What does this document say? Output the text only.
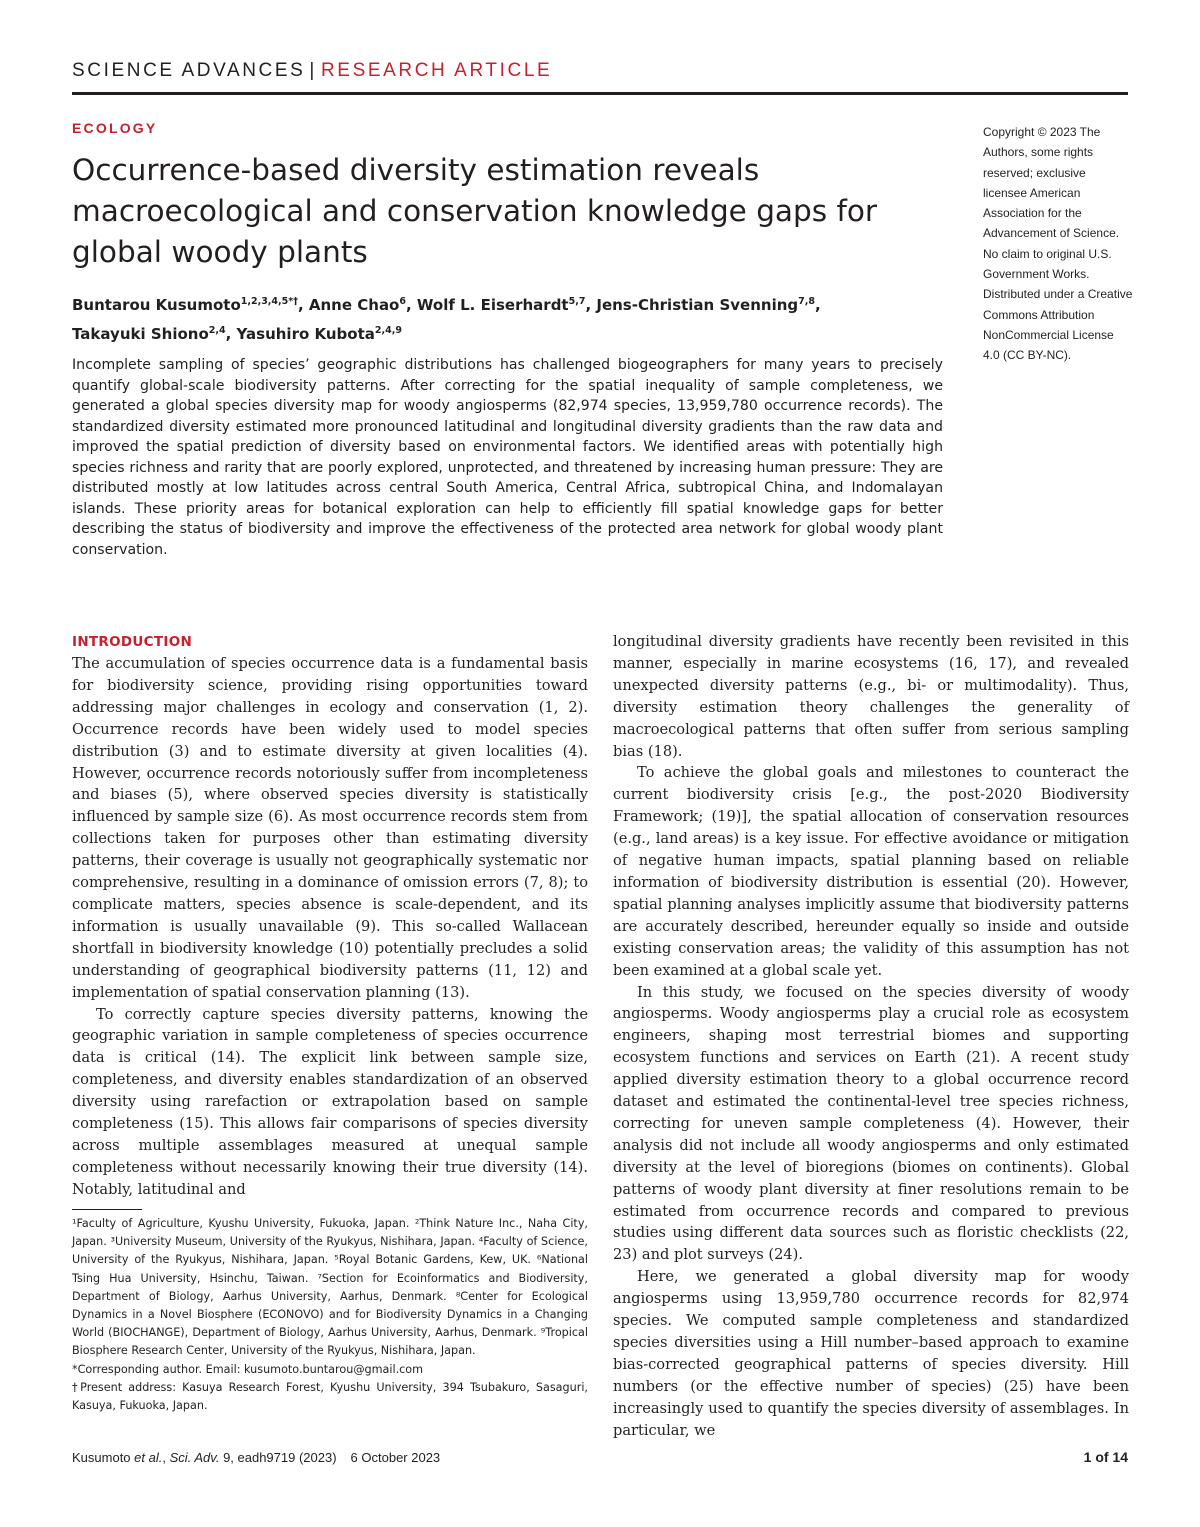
SCIENCE ADVANCES | RESEARCH ARTICLE
ECOLOGY
Occurrence-based diversity estimation reveals macroecological and conservation knowledge gaps for global woody plants
Buntarou Kusumoto$^{1,2,3,4,5*\dagger}$, Anne Chao$^6$, Wolf L. Eiserhardt$^{5,7}$, Jens-Christian Svenning$^{7,8}$,
Takayuki Shiono$^{2,4}$, Yasuhiro Kubota$^{2,4,9}$
Copyright © 2023 The Authors, some rights reserved; exclusive licensee American Association for the Advancement of Science. No claim to original U.S. Government Works. Distributed under a Creative Commons Attribution NonCommercial License 4.0 (CC BY-NC).
Incomplete sampling of species’ geographic distributions has challenged biogeographers for many years to precisely quantify global-scale biodiversity patterns. After correcting for the spatial inequality of sample completeness, we generated a global species diversity map for woody angiosperms (82,974 species, 13,959,780 occurrence records). The standardized diversity estimated more pronounced latitudinal and longitudinal diversity gradients than the raw data and improved the spatial prediction of diversity based on environmental factors. We identified areas with potentially high species richness and rarity that are poorly explored, unprotected, and threatened by increasing human pressure: They are distributed mostly at low latitudes across central South America, Central Africa, subtropical China, and Indomalayan islands. These priority areas for botanical exploration can help to efficiently fill spatial knowledge gaps for better describing the status of biodiversity and improve the effectiveness of the protected area network for global woody plant conservation.
INTRODUCTION

The accumulation of species occurrence data is a fundamental basis for biodiversity science, providing rising opportunities toward addressing major challenges in ecology and conservation (1, 2). Occurrence records have been widely used to model species distribution (3) and to estimate diversity at given localities (4). However, occurrence records notoriously suffer from incompleteness and biases (5), where observed species diversity is statistically influenced by sample size (6). As most occurrence records stem from collections taken for purposes other than estimating diversity patterns, their coverage is usually not geographically systematic nor comprehensive, resulting in a dominance of omission errors (7, 8); to complicate matters, species absence is scale-dependent, and its information is usually unavailable (9). This so-called Wallacean shortfall in biodiversity knowledge (10) potentially precludes a solid understanding of geographical biodiversity patterns (11, 12) and implementation of spatial conservation planning (13).

To correctly capture species diversity patterns, knowing the geographic variation in sample completeness of species occurrence data is critical (14). The explicit link between sample size, completeness, and diversity enables standardization of an observed diversity using rarefaction or extrapolation based on sample completeness (15). This allows fair comparisons of species diversity across multiple assemblages measured at unequal sample completeness without necessarily knowing their true diversity (14). Notably, latitudinal and

longitudinal diversity gradients have recently been revisited in this manner, especially in marine ecosystems (16, 17), and revealed unexpected diversity patterns (e.g., bi- or multimodality). Thus, diversity estimation theory challenges the generality of macroecological patterns that often suffer from serious sampling bias (18).

To achieve the global goals and milestones to counteract the current biodiversity crisis [e.g., the post-2020 Biodiversity Framework; (19)], the spatial allocation of conservation resources (e.g., land areas) is a key issue. For effective avoidance or mitigation of negative human impacts, spatial planning based on reliable information of biodiversity distribution is essential (20). However, spatial planning analyses implicitly assume that biodiversity patterns are accurately described, hereunder equally so inside and outside existing conservation areas; the validity of this assumption has not been examined at a global scale yet.

In this study, we focused on the species diversity of woody angiosperms. Woody angiosperms play a crucial role as ecosystem engineers, shaping most terrestrial biomes and supporting ecosystem functions and services on Earth (21). A recent study applied diversity estimation theory to a global occurrence record dataset and estimated the continental-level tree species richness, correcting for uneven sample completeness (4). However, their analysis did not include all woody angiosperms and only estimated diversity at the level of bioregions (biomes on continents). Global patterns of woody plant diversity at finer resolutions remain to be estimated from occurrence records and compared to previous studies using different data sources such as floristic checklists (22, 23) and plot surveys (24).

Here, we generated a global diversity map for woody angiosperms using 13,959,780 occurrence records for 82,974 species. We computed sample completeness and standardized species diversities using a Hill number–based approach to examine bias-corrected geographical patterns of species diversity. Hill numbers (or the effective number of species) (25) have been increasingly used to quantify the species diversity of assemblages. In particular, we

¹Faculty of Agriculture, Kyushu University, Fukuoka, Japan. ²Think Nature Inc., Naha City, Japan. ³University Museum, University of the Ryukyus, Nishihara, Japan. ⁴Faculty of Science, University of the Ryukyus, Nishihara, Japan. ⁵Royal Botanic Gardens, Kew, UK. ⁶National Tsing Hua University, Hsinchu, Taiwan. ⁷Section for Ecoinformatics and Biodiversity, Department of Biology, Aarhus University, Aarhus, Denmark. ⁸Center for Ecological Dynamics in a Novel Biosphere (ECONOVO) and for Biodiversity Dynamics in a Changing World (BIOCHANGE), Department of Biology, Aarhus University, Aarhus, Denmark. ⁹Tropical Biosphere Research Center, University of the Ryukyus, Nishihara, Japan.

*Corresponding author. Email: kusumoto.buntarou@gmail.com

†Present address: Kasuya Research Forest, Kyushu University, 394 Tsubakuro, Sasaguri, Kasuya, Fukuoka, Japan.

Kusumoto et al., Sci. Adv. 9, eadh9719 (2023) 6 October 2023	1 of 14
